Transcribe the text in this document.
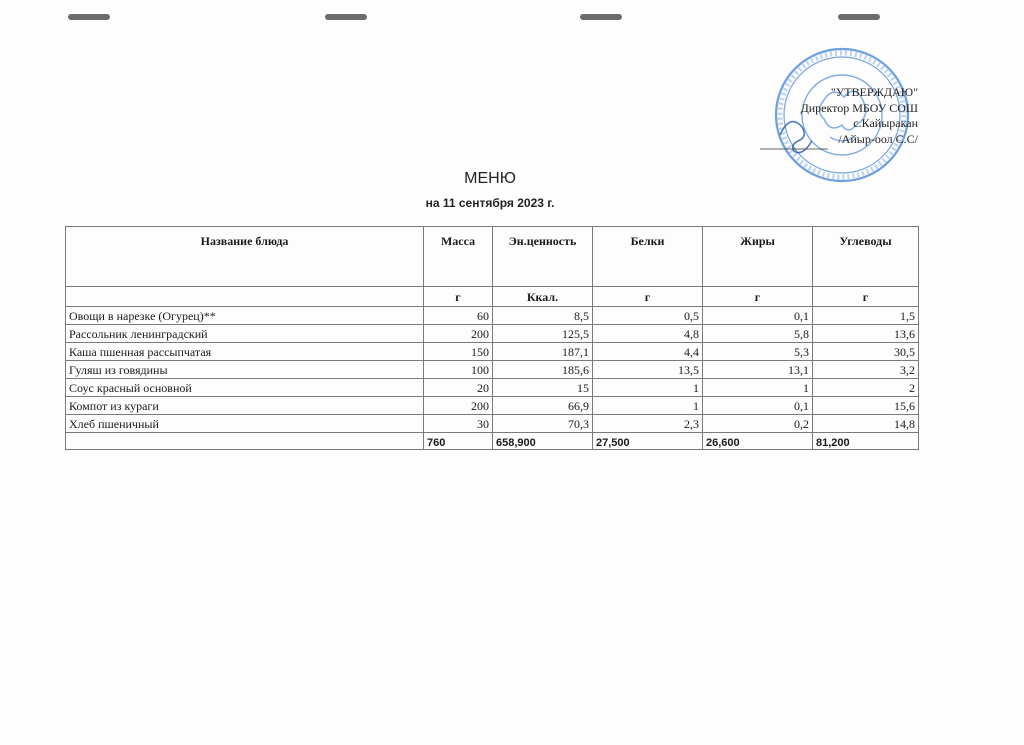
"УТВЕРЖДАЮ"
Директор МБОУ СОШ
с.Кайыракан
/Айыр-оол С.С/
МЕНЮ
на 11 сентября 2023 г.
Название блюда	Масса	Эн.ценность	Белки	Жиры	Углеводы
	г	Ккал.	г	г	г
Овощи в нарезке (Огурец)**	60	8,5	0,5	0,1	1,5
Рассольник ленинградский	200	125,5	4,8	5,8	13,6
Каша пшенная рассыпчатая	150	187,1	4,4	5,3	30,5
Гуляш из говядины	100	185,6	13,5	13,1	3,2
Соус красный основной	20	15	1	1	2
Компот из кураги	200	66,9	1	0,1	15,6
Хлеб пшеничный	30	70,3	2,3	0,2	14,8
	760	658,900	27,500	26,600	81,200
